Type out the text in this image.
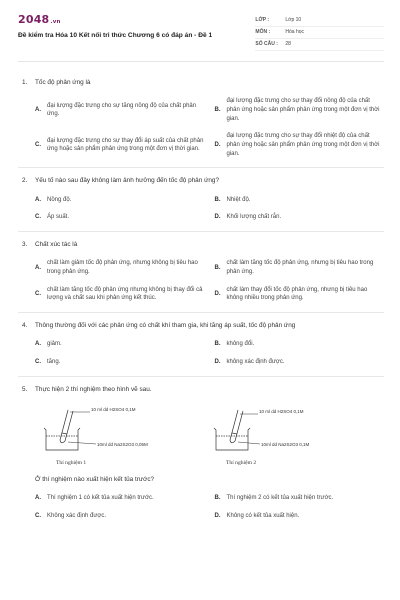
2048.vn
Đề kiểm tra Hóa 10 Kết nối tri thức Chương 6 có đáp án - Đề 1
LỚP :	Lớp 10
MÔN :	Hóa học
SỐ CÂU :	28
1.	Tốc độ phản ứng là
A.
đại lượng đặc trưng cho sự tăng nồng độ của chất phản ứng.
B.
đại lượng đặc trưng cho sự thay đổi nồng độ của chất phản ứng hoặc sản phẩm phản ứng trong một đơn vị thời gian.
C.
đại lượng đặc trưng cho sự thay đổi áp suất của chất phản ứng hoặc sản phẩm phản ứng trong một đơn vị thời gian.
D.
đại lượng đặc trưng cho sự thay đổi nhiệt độ của chất phản ứng hoặc sản phẩm phản ứng trong một đơn vị thời gian.
2.	Yếu tố nào sau đây không làm ảnh hưởng đến tốc độ phản ứng?
A.	Nồng độ.	B.	Nhiệt độ.
C.	Áp suất.	D.	Khối lượng chất rắn.
3.	Chất xúc tác là
A.
chất làm giảm tốc độ phản ứng, nhưng không bị tiêu hao trong phản ứng.
B.
chất làm tăng tốc độ phản ứng, nhưng bị tiêu hao trong phản ứng.
C.
chất làm tăng tốc độ phản ứng nhưng không bị thay đổi cả lượng và chất sau khi phản ứng kết thúc.
D.
chất làm thay đổi tốc độ phản ứng, nhưng bị tiêu hao không nhiều trong phản ứng.
4.	Thông thường đối với các phản ứng có chất khí tham gia, khi tăng áp suất, tốc độ phản ứng
A.	giảm.	B.	không đổi.
C.	tăng.	D.	không xác định được.
5.	Thực hiện 2 thí nghiệm theo hình vẽ sau.
10 ml dd H2SO4 0,1M
10ml dd Na2S2O3 0,05M
Thí nghiệm 1
10 ml dd H2SO4 0,1M
10ml dd Na2S2O3 0,1M
Thí nghiệm 2
Ở thí nghiệm nào xuất hiện kết tủa trước?
A.	Thí nghiệm 1 có kết tủa xuất hiện trước.	B.	Thí nghiệm 2 có kết tủa xuất hiện trước.
C.	Không xác định được.	D.	Không có kết tủa xuất hiện.
